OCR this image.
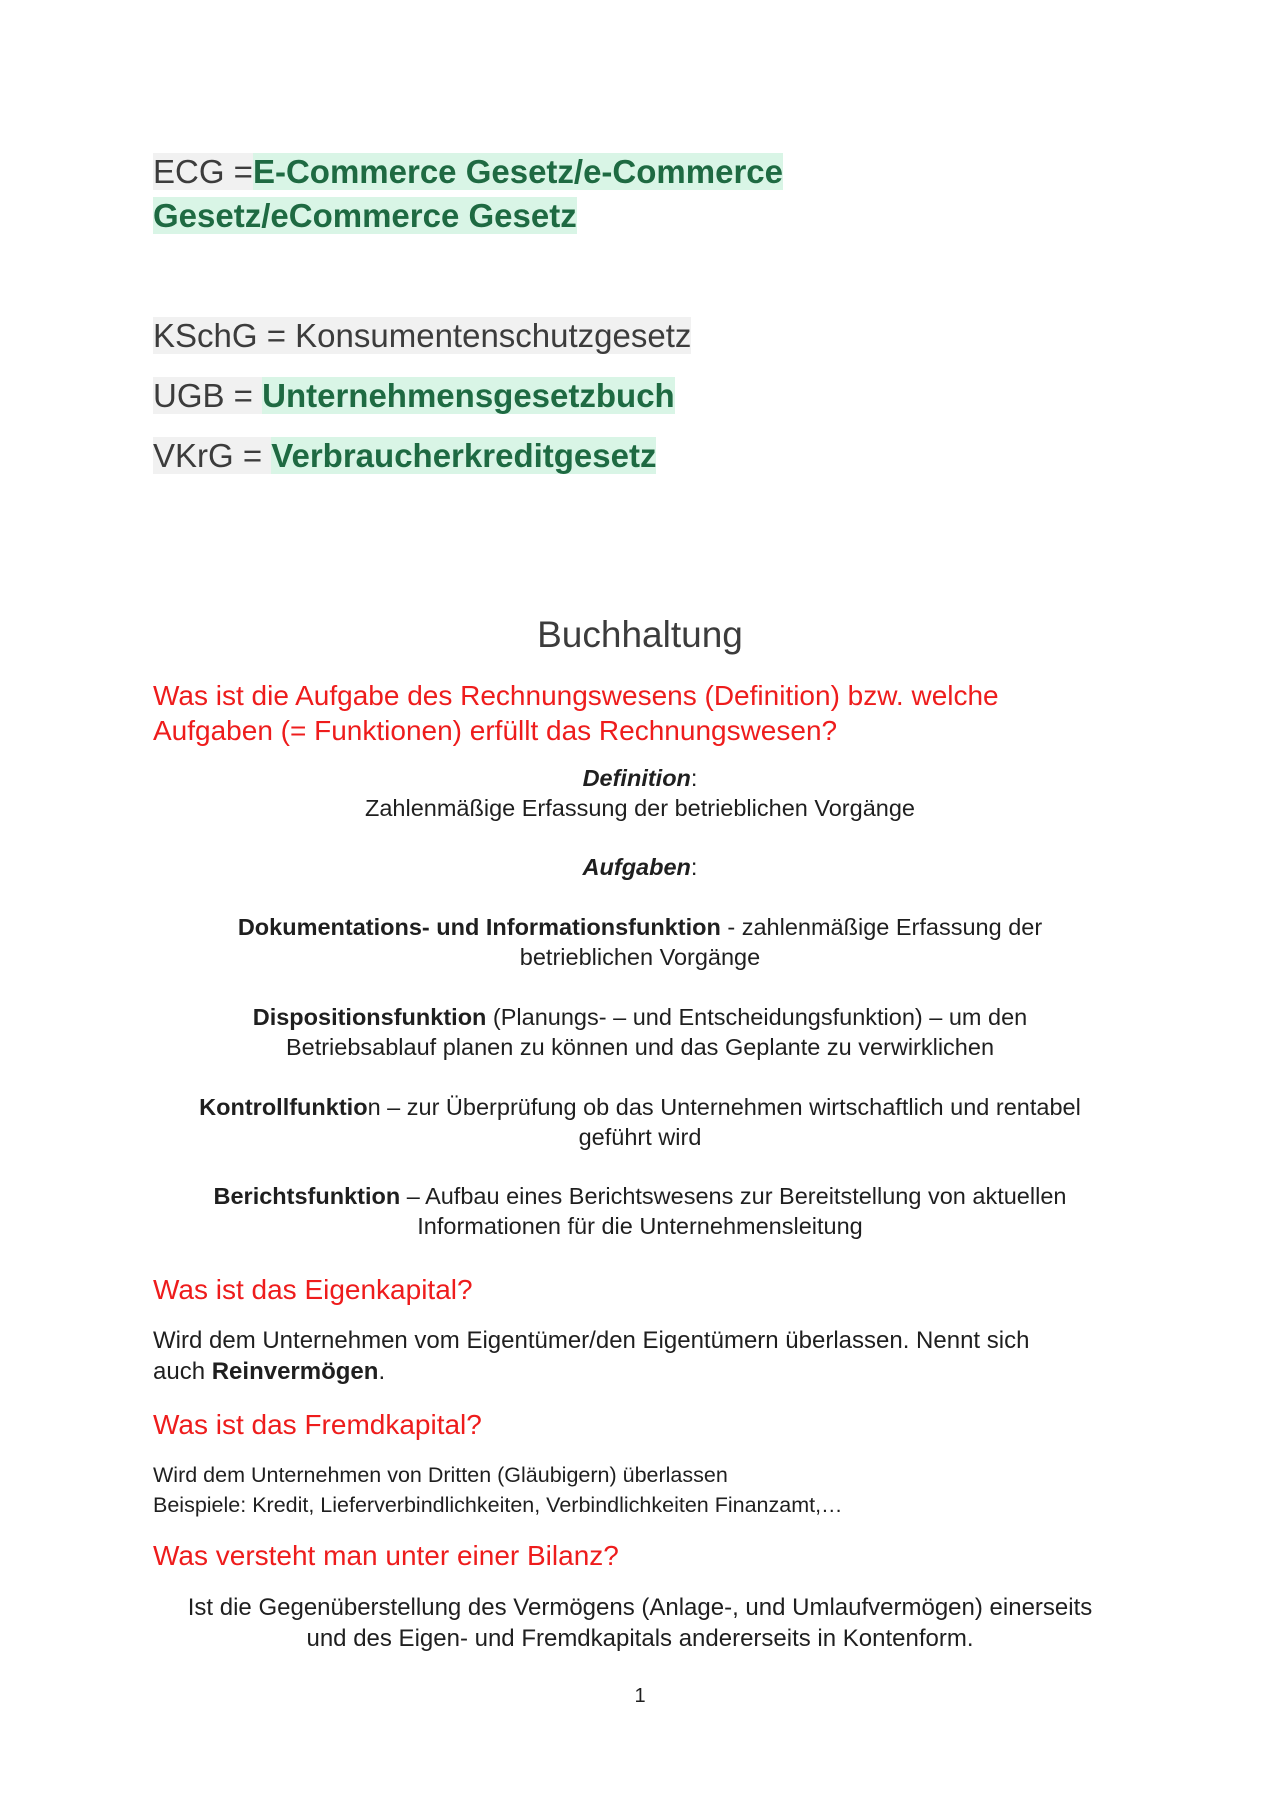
ECG =E-Commerce Gesetz/e-Commerce
Gesetz/eCommerce Gesetz
KSchG = Konsumentenschutzgesetz
UGB = Unternehmensgesetzbuch
VKrG = Verbraucherkreditgesetz
Buchhaltung
Was ist die Aufgabe des Rechnungswesens (Definition) bzw. welche
Aufgaben (= Funktionen) erfüllt das Rechnungswesen?
Definition:
Zahlenmäßige Erfassung der betrieblichen Vorgänge
Aufgaben:
Dokumentations- und Informationsfunktion - zahlenmäßige Erfassung der
betrieblichen Vorgänge
Dispositionsfunktion (Planungs- – und Entscheidungsfunktion) – um den
Betriebsablauf planen zu können und das Geplante zu verwirklichen
Kontrollfunktion – zur Überprüfung ob das Unternehmen wirtschaftlich und rentabel
geführt wird
Berichtsfunktion – Aufbau eines Berichtswesens zur Bereitstellung von aktuellen
Informationen für die Unternehmensleitung
Was ist das Eigenkapital?
Wird dem Unternehmen vom Eigentümer/den Eigentümern überlassen. Nennt sich
auch Reinvermögen.
Was ist das Fremdkapital?
Wird dem Unternehmen von Dritten (Gläubigern) überlassen
Beispiele: Kredit, Lieferverbindlichkeiten, Verbindlichkeiten Finanzamt,…
Was versteht man unter einer Bilanz?
Ist die Gegenüberstellung des Vermögens (Anlage-, und Umlaufvermögen) einerseits
und des Eigen- und Fremdkapitals andererseits in Kontenform.
1
